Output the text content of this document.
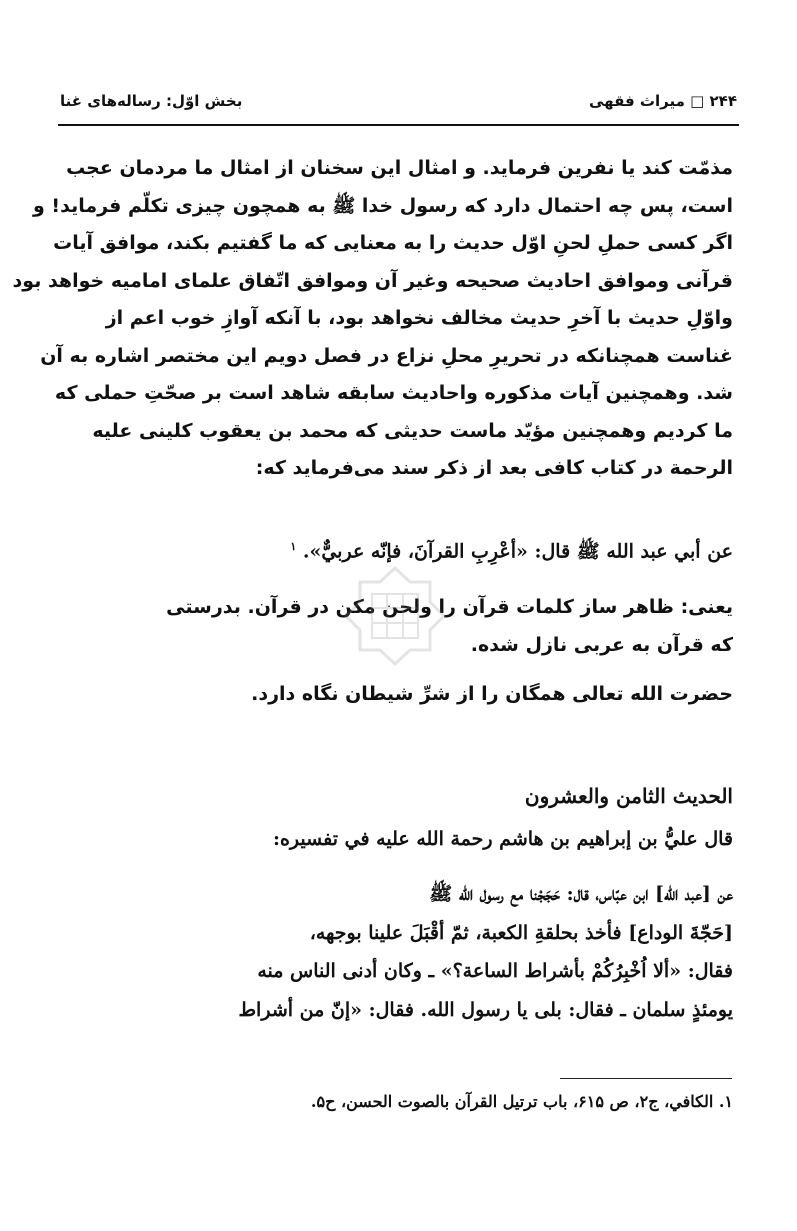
۲۴۴ □ میراث فقهی
بخش اوّل: رساله‌های غنا
مذمّت کند یا نفرین فرماید. و امثال این سخنان از امثال ما مردمان عجب
است، پس چه احتمال دارد که رسول خدا ﷺ به همچون چیزی تکلّم فرماید! و
اگر کسی حملِ لحنِ اوّل حدیث را به معنایی که ما گفتیم بکند، موافق آیات
قرآنی وموافق احادیث صحیحه وغیر آن وموافق اتّفاق علمای امامیه خواهد بود
واوّلِ حدیث با آخرِ حدیث مخالف نخواهد بود، با آنکه آوازِ خوب اعم از
غناست همچنانکه در تحریرِ محلِ نزاع در فصل دویم این مختصر اشاره به آن
شد. وهمچنین آیات مذکوره واحادیث سابقه شاهد است بر صحّتِ حملی که
ما کردیم وهمچنین مؤیّد ماست حدیثی که محمد بن یعقوب کلینی علیه
الرحمة در کتاب کافی بعد از ذکر سند می‌فرماید که:
عن أبي عبد الله ﷺ قال: «أعْرِبِ القرآنَ، فإنّه عربيٌّ». $^۱$
یعنی: ظاهر ساز کلمات قرآن را ولحن مکن در قرآن. بدرستی
که قرآن به عربی نازل شده.
حضرت الله تعالی همگان را از شرِّ شیطان نگاه دارد.
الحديث الثامن والعشرون
قال عليُّ بن إبراهيم بن هاشم رحمة الله عليه في تفسيره:
عن [عبد الله] ابن عبّاس، قال: حَجَجْنا مع رسول الله ﷺ
[حَجّةَ الوداع] فأخذ بحلقةِ الكعبة، ثمّ أقْبَلَ علينا بوجهه،
فقال: «ألا اُخْبِرُكُمْ بأشراط الساعة؟» ـ وكان أدنى الناس منه
يومئذٍ سلمان ـ فقال: بلى يا رسول الله. فقال: «إنّ من أشراط
۱. الكافي، ج۲، ص ۶۱۵، باب ترتيل القرآن بالصوت الحسن، ح۵.
